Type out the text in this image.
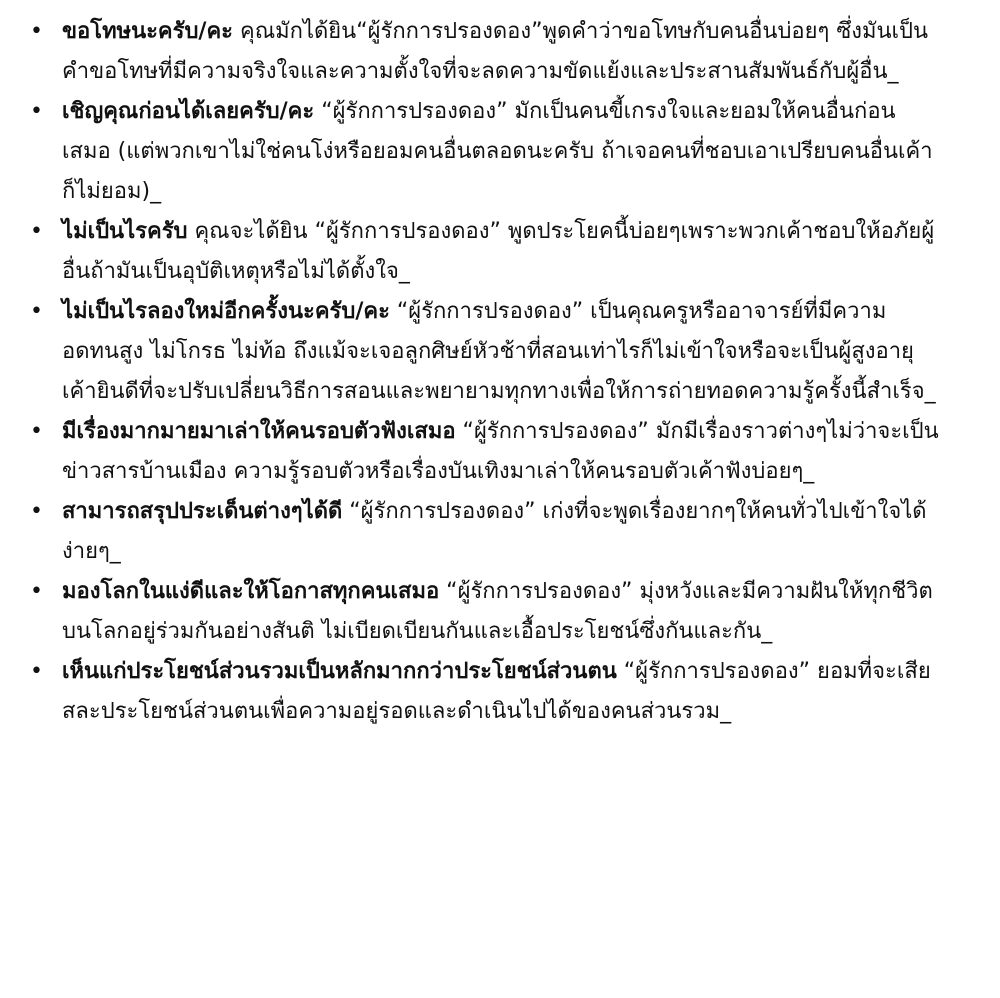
• ขอโทษนะครับ/คะ คุณมักได้ยิน“ผู้รักการปรองดอง”พูดคำว่าขอโทษกับคนอื่นบ่อยๆ ซึ่งมันเป็นคำขอโทษที่มีความจริงใจและความตั้งใจที่จะลดความขัดแย้งและประสานสัมพันธ์กับผู้อื่น_
• เชิญคุณก่อนได้เลยครับ/คะ “ผู้รักการปรองดอง” มักเป็นคนขี้เกรงใจและยอมให้คนอื่นก่อนเสมอ (แต่พวกเขาไม่ใช่คนโง่หรือยอมคนอื่นตลอดนะครับ ถ้าเจอคนที่ชอบเอาเปรียบคนอื่นเค้าก็ไม่ยอม)_
• ไม่เป็นไรครับ คุณจะได้ยิน “ผู้รักการปรองดอง” พูดประโยคนี้บ่อยๆเพราะพวกเค้าชอบให้อภัยผู้อื่นถ้ามันเป็นอุบัติเหตุหรือไม่ได้ตั้งใจ_
• ไม่เป็นไรลองใหม่อีกครั้งนะครับ/คะ “ผู้รักการปรองดอง” เป็นคุณครูหรืออาจารย์ที่มีความอดทนสูง ไม่โกรธ ไม่ท้อ ถึงแม้จะเจอลูกศิษย์หัวช้าที่สอนเท่าไรก็ไม่เข้าใจหรือจะเป็นผู้สูงอายุ เค้ายินดีที่จะปรับเปลี่ยนวิธีการสอนและพยายามทุกทางเพื่อให้การถ่ายทอดความรู้ครั้งนี้สำเร็จ_
• มีเรื่องมากมายมาเล่าให้คนรอบตัวฟังเสมอ “ผู้รักการปรองดอง” มักมีเรื่องราวต่างๆไม่ว่าจะเป็นข่าวสารบ้านเมือง ความรู้รอบตัวหรือเรื่องบันเทิงมาเล่าให้คนรอบตัวเค้าฟังบ่อยๆ_
• สามารถสรุปประเด็นต่างๆได้ดี “ผู้รักการปรองดอง” เก่งที่จะพูดเรื่องยากๆให้คนทั่วไปเข้าใจได้ง่ายๆ_
• มองโลกในแง่ดีและให้โอกาสทุกคนเสมอ “ผู้รักการปรองดอง” มุ่งหวังและมีความฝันให้ทุกชีวิตบนโลกอยู่ร่วมกันอย่างสันติ ไม่เบียดเบียนกันและเอื้อประโยชน์ซึ่งกันและกัน_
• เห็นแก่ประโยชน์ส่วนรวมเป็นหลักมากกว่าประโยชน์ส่วนตน “ผู้รักการปรองดอง” ยอมที่จะเสียสละประโยชน์ส่วนตนเพื่อความอยู่รอดและดำเนินไปได้ของคนส่วนรวม_
